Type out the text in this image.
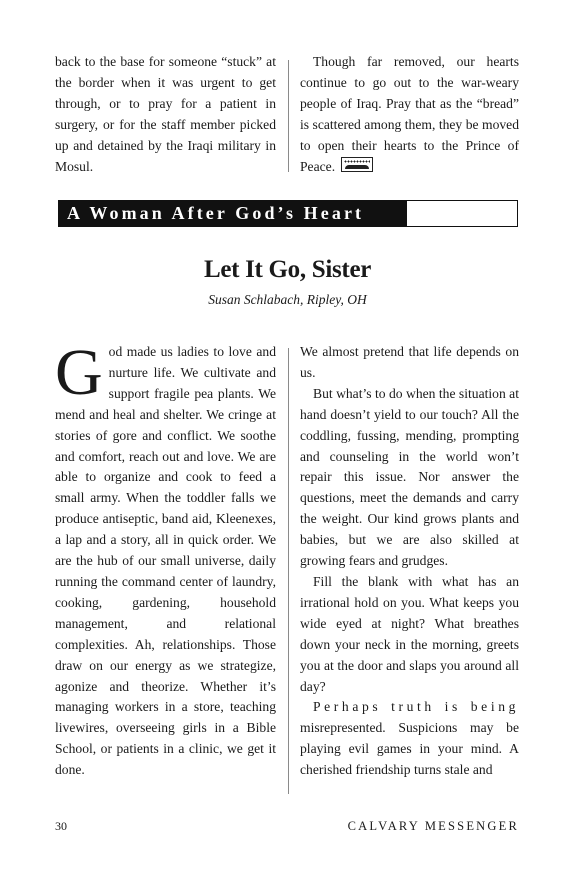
back to the base for someone “stuck” at the border when it was urgent to get through, or to pray for a patient in surgery, or for the staff member picked up and detained by the Iraqi military in Mosul.

Though far removed, our hearts continue to go out to the war-weary people of Iraq. Pray that as the “bread” is scattered among them, they be moved to open their hearts to the Prince of Peace.

A Woman After God’s Heart
Let It Go, Sister
Susan Schlabach, Ripley, OH

God made us ladies to love and nurture life. We cultivate and support fragile pea plants. We mend and heal and shelter. We cringe at stories of gore and conflict. We soothe and comfort, reach out and love. We are able to organize and cook to feed a small army. When the toddler falls we produce antiseptic, band aid, Kleenexes, a lap and a story, all in quick order. We are the hub of our small universe, daily running the command center of laundry, cooking, gardening, household management, and relational complexities. Ah, relationships. Those draw on our energy as we strategize, agonize and theorize. Whether it’s managing workers in a store, teaching livewires, overseeing girls in a Bible School, or patients in a clinic, we get it done.

We almost pretend that life depends on us.

But what’s to do when the situation at hand doesn’t yield to our touch? All the coddling, fussing, mending, prompting and counseling in the world won’t repair this issue. Nor answer the questions, meet the demands and carry the weight. Our kind grows plants and babies, but we are also skilled at growing fears and grudges.

Fill the blank with what has an irrational hold on you. What keeps you wide eyed at night? What breathes down your neck in the morning, greets you at the door and slaps you around all day?

Perhaps truth is being misrepresented. Suspicions may be playing evil games in your mind. A cherished friendship turns stale and

30	CALVARY MESSENGER
